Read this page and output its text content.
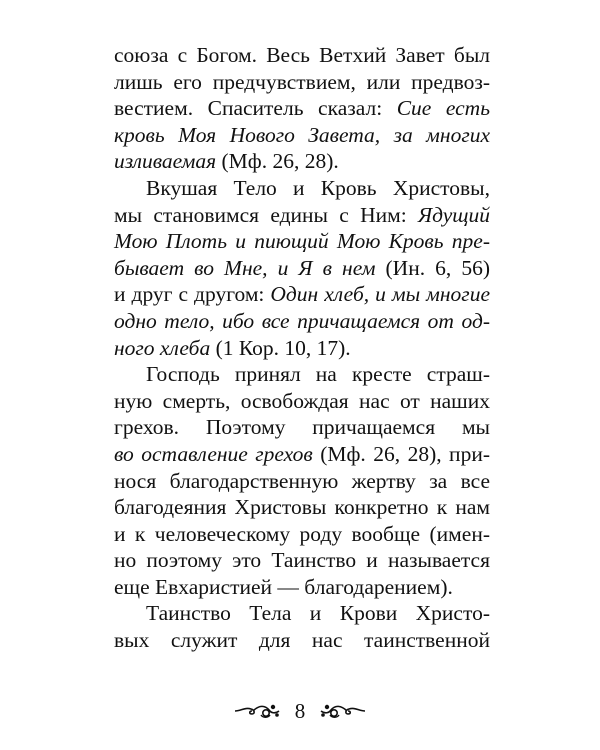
союза с Богом. Весь Ветхий Завет был
лишь его предчувствием, или предвоз-
вестием. Спаситель сказал: Сие есть
кровь Моя Нового Завета, за многих
изливаемая (Мф. 26, 28).
Вкушая Тело и Кровь Христовы,
мы становимся едины с Ним: Ядущий
Мою Плоть и пиющий Мою Кровь пре-
бывает во Мне, и Я в нем (Ин. 6, 56)
и друг с другом: Один хлеб, и мы многие
одно тело, ибо все причащаемся от од-
ного хлеба (1 Кор. 10, 17).
Господь принял на кресте страш-
ную смерть, освобождая нас от наших
грехов. Поэтому причащаемся мы
во оставление грехов (Мф. 26, 28), при-
нося благодарственную жертву за все
благодеяния Христовы конкретно к нам
и к человеческому роду вообще (имен-
но поэтому это Таинство и называется
еще Евхаристией — благодарением).
Таинство Тела и Крови Христо-
вых служит для нас таинственной
8
